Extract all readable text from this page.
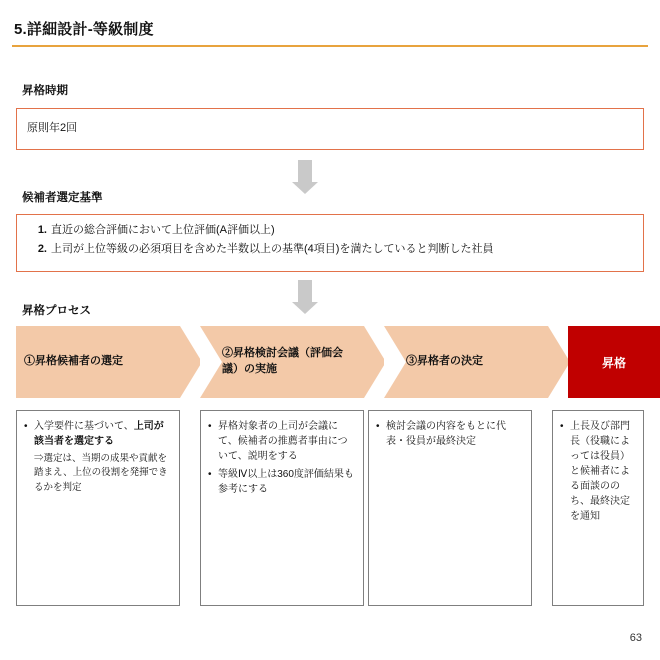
5.詳細設計-等級制度
昇格時期
原則年2回
候補者選定基準
1. 直近の総合評価において上位評価(A評価以上)
2. 上司が上位等級の必須項目を含めた半数以上の基準(4項目)を満たしていると判断した社員
昇格プロセス
①昇格候補者の選定
②昇格検討会議（評価会議）の実施
③昇格者の決定	昇格
• 入学要件に基づいて、上司が該当者を選定する
⇒選定は、当期の成果や貢献を踏まえ、上位の役割を発揮できるかを判定
• 昇格対象者の上司が会議にて、候補者の推薦者事由について、説明をする
• 等級Ⅳ以上は360度評価結果も参考にする
• 検討会議の内容をもとに代表・役員が最終決定
• 上長及び部門長（役職によっては役員）と候補者による面談ののち、最終決定を通知
63
